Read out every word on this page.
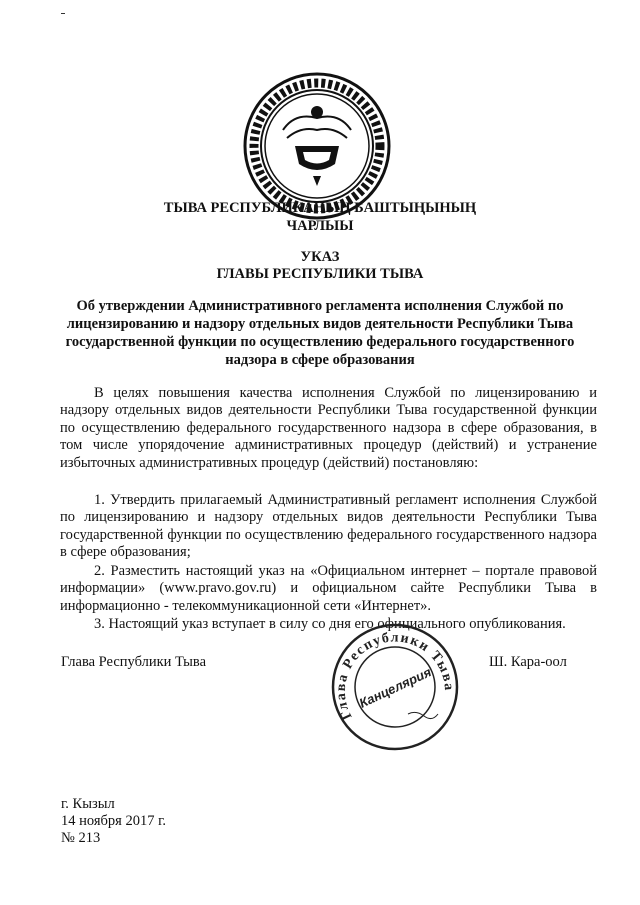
ТЫВА РЕСПУБЛИКАНЫҢ БАШТЫҢЫНЫҢ
ЧАРЛЫЫ
УКАЗ
ГЛАВЫ РЕСПУБЛИКИ ТЫВА
Об утверждении Административного регламента исполнения Службой по
лицензированию и надзору отдельных видов деятельности Республики Тыва
государственной функции по осуществлению федерального государственного
надзора в сфере образования

В целях повышения качества исполнения Службой по лицензированию и надзору отдельных видов деятельности Республики Тыва государственной функции по осуществлению федерального государственного надзора в сфере образования, в том числе упорядочение административных процедур (действий) и устранение избыточных административных процедур (действий) постановляю:

1. Утвердить прилагаемый Административный регламент исполнения Службой по лицензированию и надзору отдельных видов деятельности Республики Тыва государственной функции по осуществлению федерального государственного надзора в сфере образования;

2. Разместить настоящий указ на «Официальном интернет – портале правовой информации» (www.pravo.gov.ru) и официальном сайте Республики Тыва в информационно - телекоммуникационной сети «Интернет».

3. Настоящий указ вступает в силу со дня его официального опубликования.

Глава Республики Тыва
Глава Республики Тыва
Канцелярия
Ш. Кара-оол
г. Кызыл
14 ноября 2017 г.
№ 213
